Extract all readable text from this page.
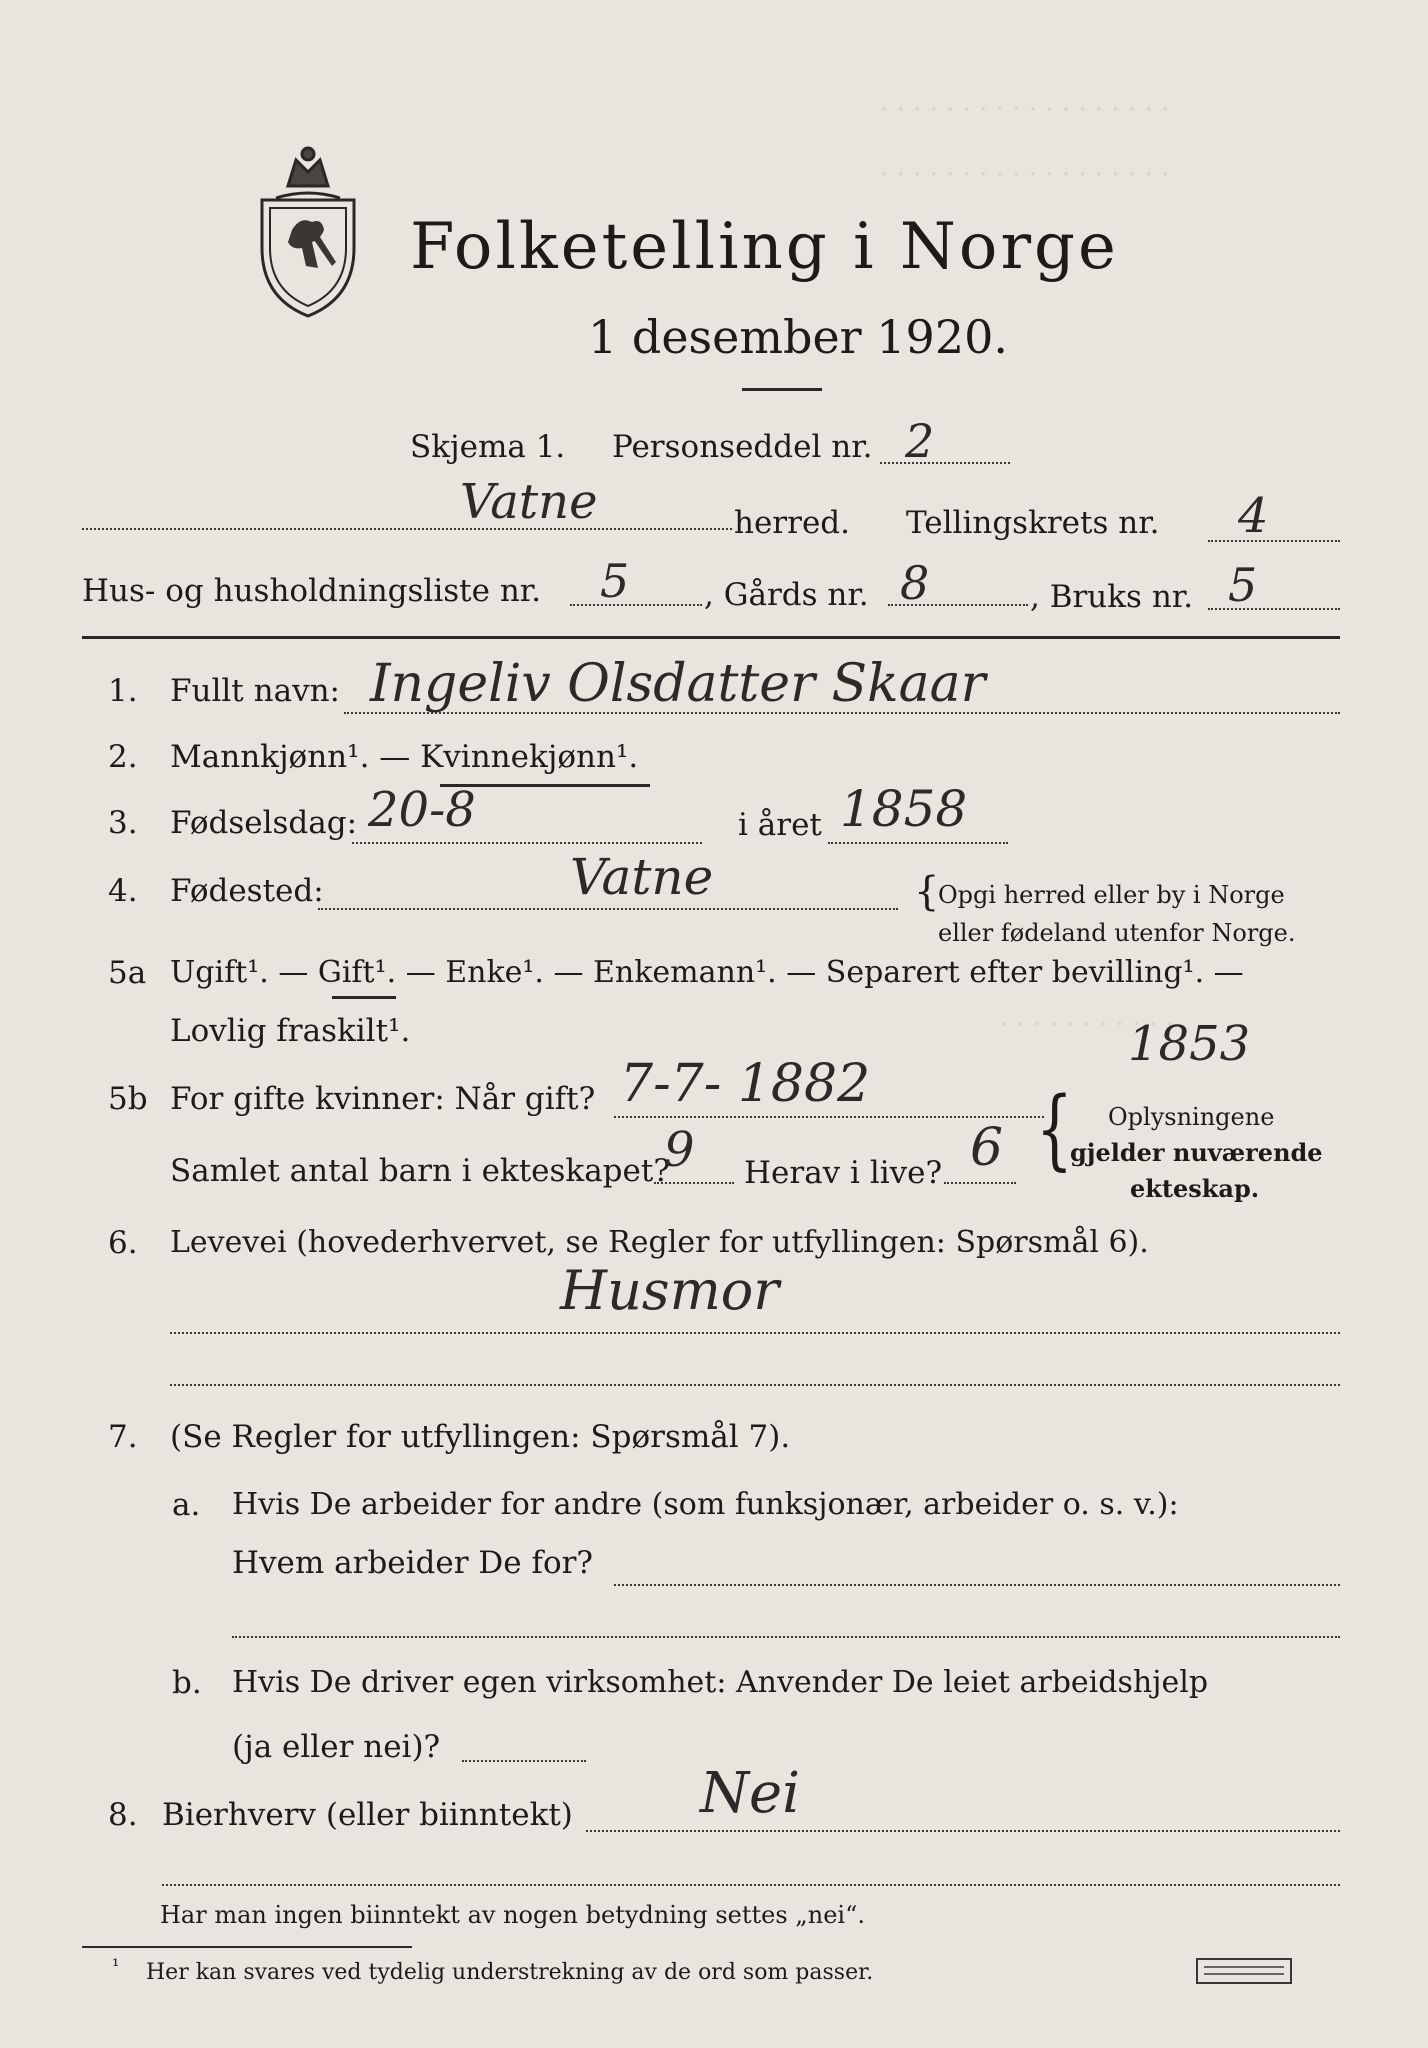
· · · · · · · · · · · · · · · · · ·
· · · · · · · · · · · · · · · · · ·
· · · · · · · · · · ·
Folketelling i Norge
1 desember 1920.
Skjema 1. Personseddel nr. 2
Vatne	herred. Tellingskrets nr. 4
Hus- og husholdningsliste nr. 5 , Gårds nr. 8	, Bruks nr. 5
1. Fullt navn: Ingeliv Olsdatter Skaar
2. Mannkjønn¹. — Kvinnekjønn¹.
3. Fødselsdag: 20-8	i året 1858
4. Fødested:	Vatne	{
Opgi herred eller by i Norge
eller fødeland utenfor Norge.
5a Ugift¹. — Gift¹. — Enke¹. — Enkemann¹. — Separert efter bevilling¹. —
Lovlig fraskilt¹.
5b For gifte kvinner: Når gift? 7-7- 1882
1853
Samlet antal barn i ekteskapet?
9 Herav i live? 6 { Oplysningene
gjelder nuværende
ekteskap.
6. Levevei (hovederhvervet, se Regler for utfyllingen: Spørsmål 6).
Husmor
7. (Se Regler for utfyllingen: Spørsmål 7).
a. Hvis De arbeider for andre (som funksjonær, arbeider o. s. v.):
Hvem arbeider De for?
b. Hvis De driver egen virksomhet: Anvender De leiet arbeidshjelp
(ja eller nei)?
8. Bierhverv (eller biinntekt) Nei
Har man ingen biinntekt av nogen betydning settes „nei“.
¹ Her kan svares ved tydelig understrekning av de ord som passer.
